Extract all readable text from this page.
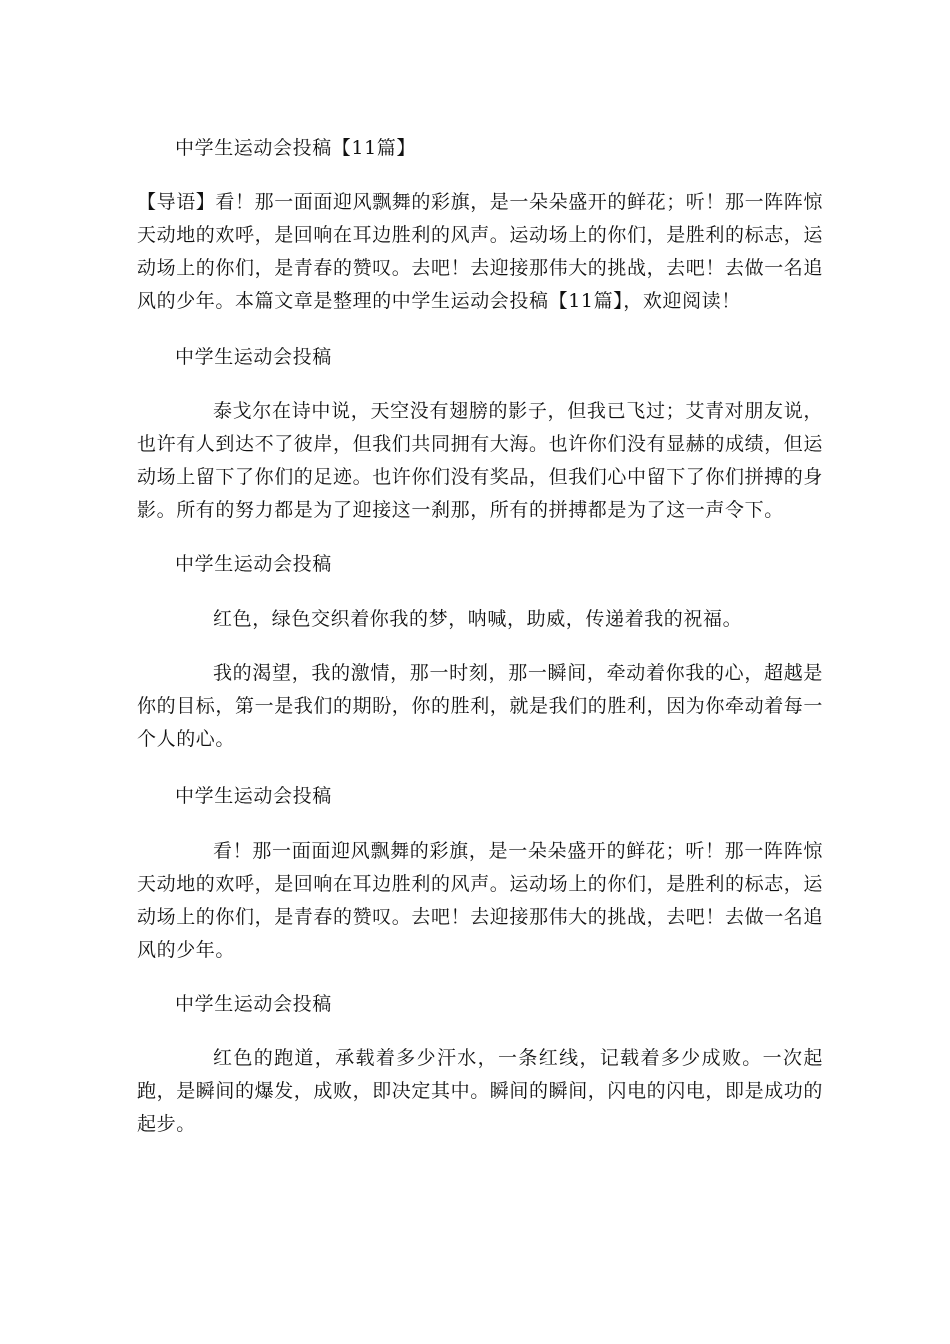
中学生运动会投稿【11篇】

【导语】看！那一面面迎风飘舞的彩旗，是一朵朵盛开的鲜花；听！那一阵阵惊天动地的欢呼，是回响在耳边胜利的风声。运动场上的你们，是胜利的标志，运动场上的你们，是青春的赞叹。去吧！去迎接那伟大的挑战，去吧！去做一名追风的少年。本篇文章是整理的中学生运动会投稿【11篇】，欢迎阅读！

中学生运动会投稿

泰戈尔在诗中说，天空没有翅膀的影子，但我已飞过；艾青对朋友说，也许有人到达不了彼岸，但我们共同拥有大海。也许你们没有显赫的成绩，但运动场上留下了你们的足迹。也许你们没有奖品，但我们心中留下了你们拼搏的身影。所有的努力都是为了迎接这一刹那，所有的拼搏都是为了这一声令下。

中学生运动会投稿

红色，绿色交织着你我的梦，呐喊，助威，传递着我的祝福。

我的渴望，我的激情，那一时刻，那一瞬间，牵动着你我的心，超越是你的目标，第一是我们的期盼，你的胜利，就是我们的胜利，因为你牵动着每一个人的心。

中学生运动会投稿

看！那一面面迎风飘舞的彩旗，是一朵朵盛开的鲜花；听！那一阵阵惊天动地的欢呼，是回响在耳边胜利的风声。运动场上的你们，是胜利的标志，运动场上的你们，是青春的赞叹。去吧！去迎接那伟大的挑战，去吧！去做一名追风的少年。

中学生运动会投稿

红色的跑道，承载着多少汗水，一条红线，记载着多少成败。一次起跑，是瞬间的爆发，成败，即决定其中。瞬间的瞬间，闪电的闪电，即是成功的起步。
